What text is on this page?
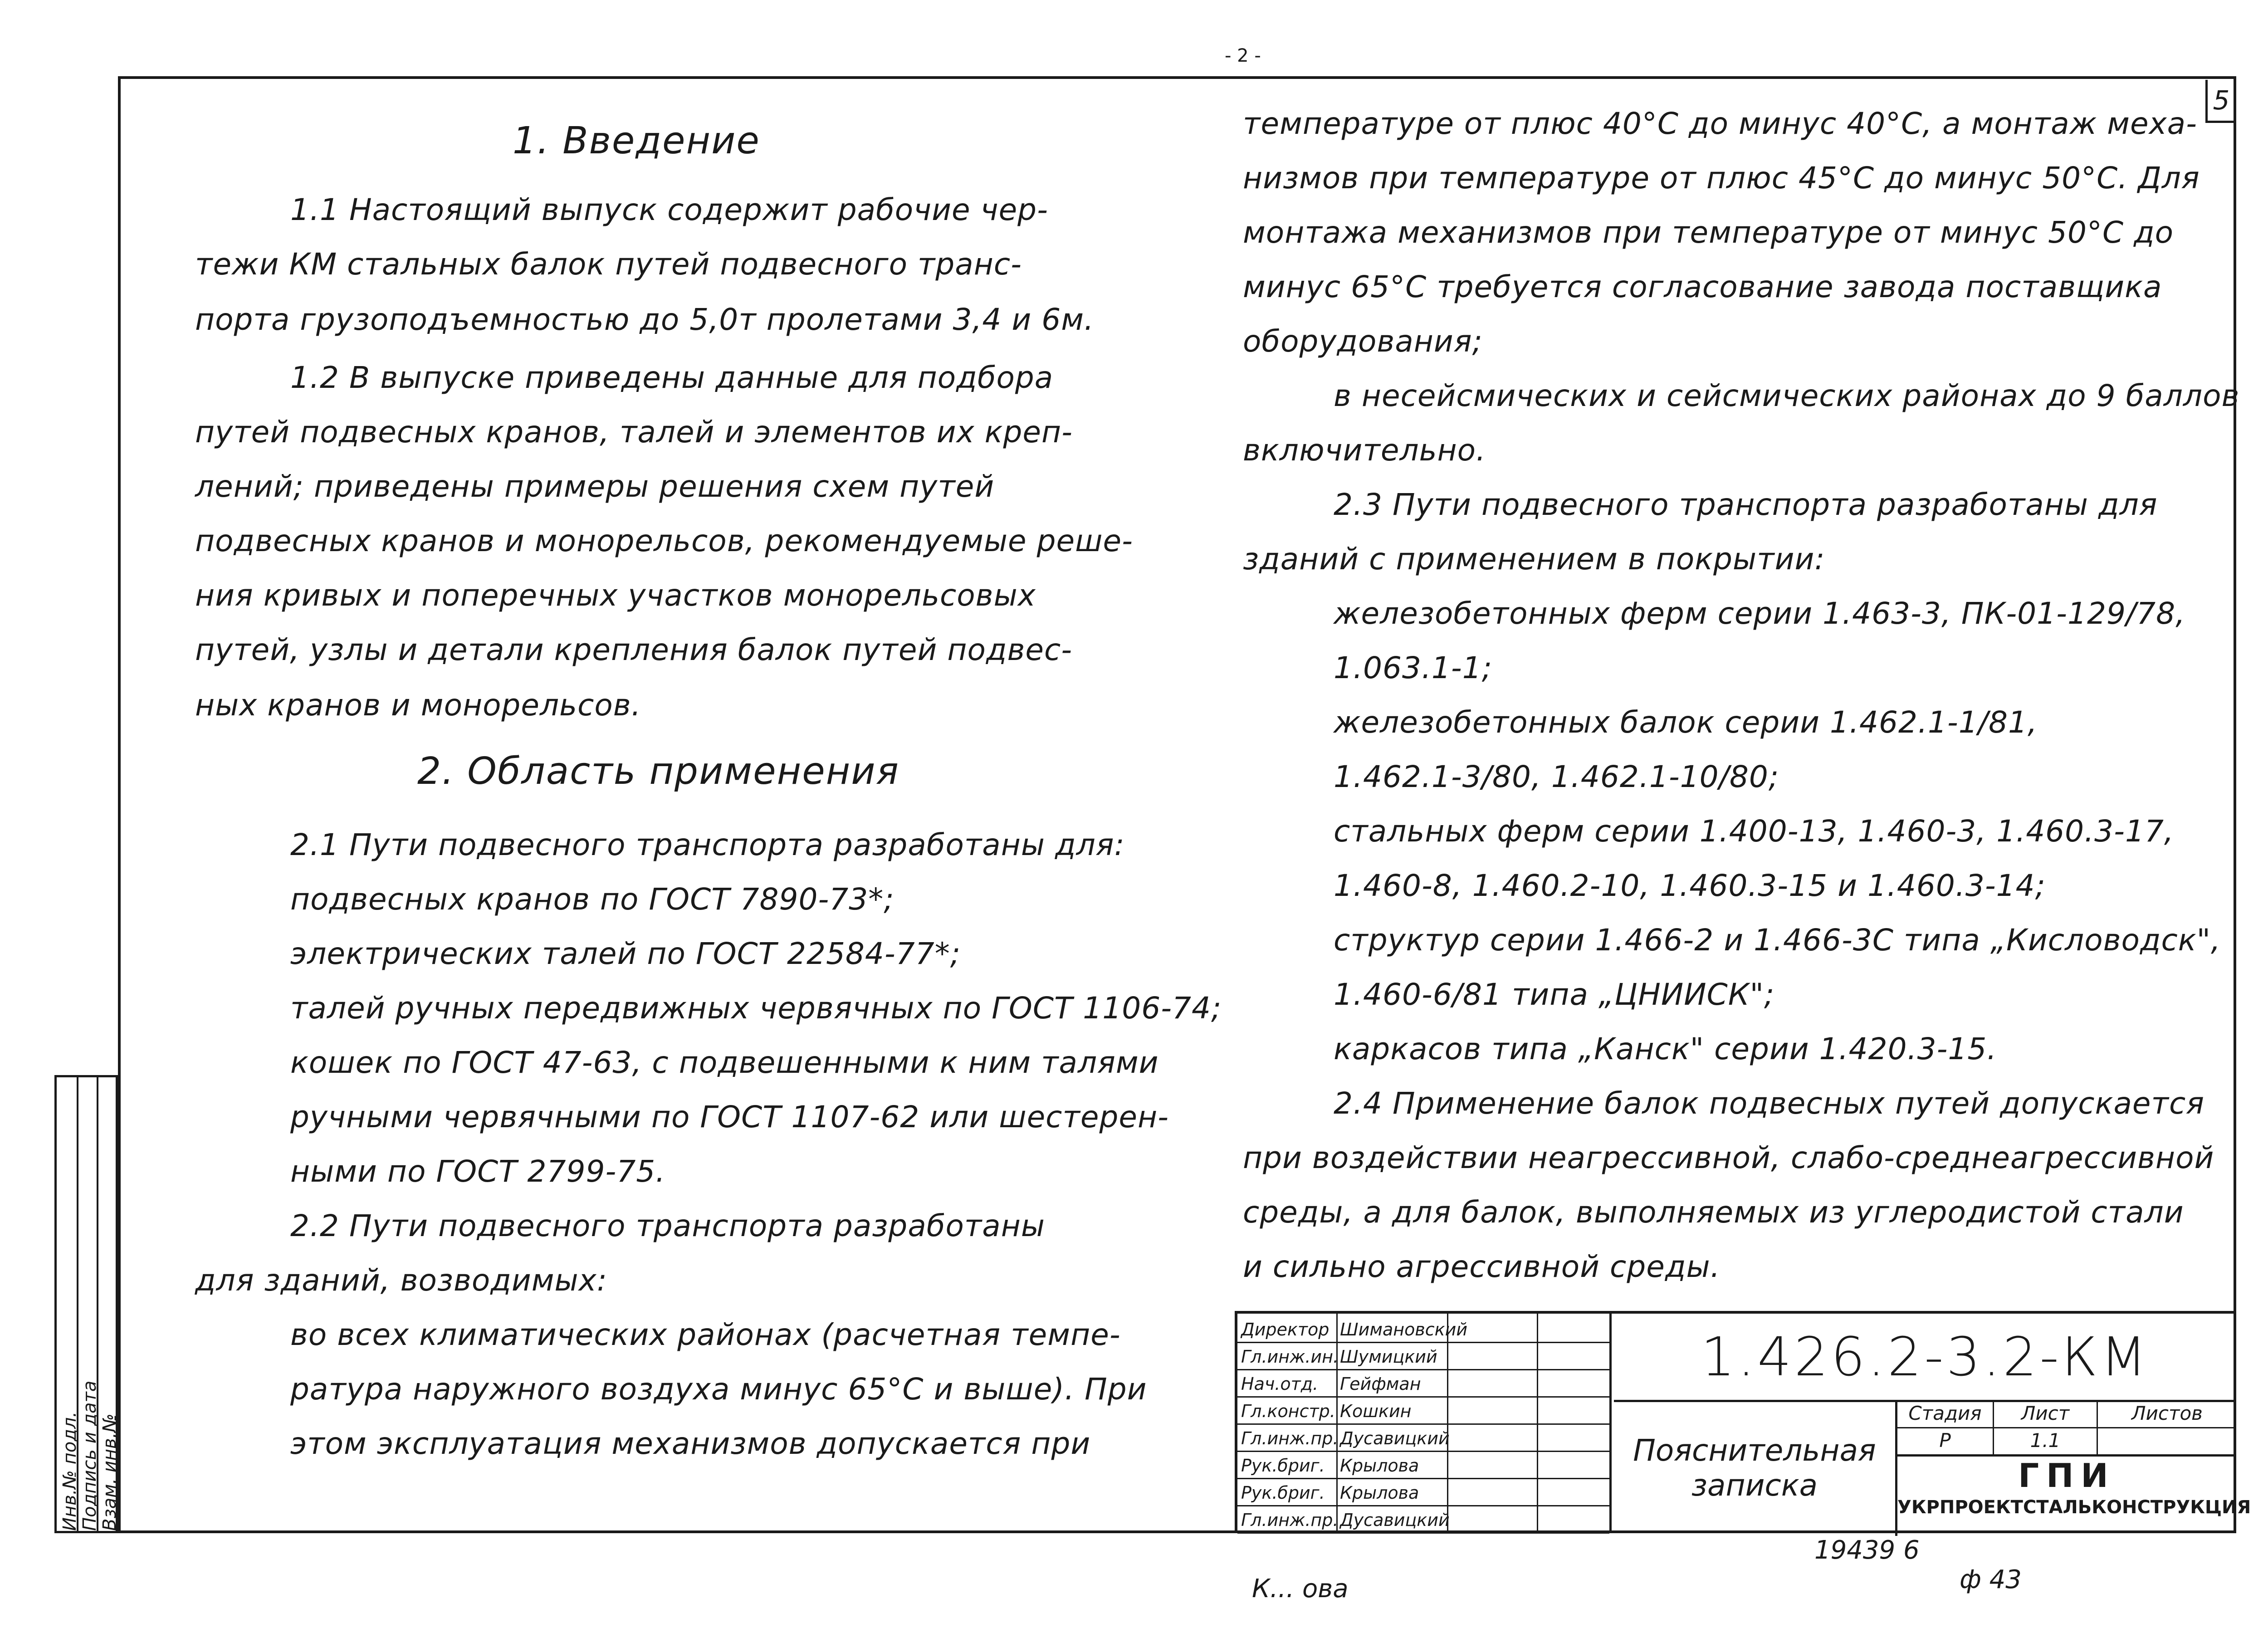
- 2 -
5
Инв.№ подл.
Подпись и дата
Взам. инв.№
1. Введение
1.1 Настоящий выпуск содержит рабочие чер-
тежи КМ стальных балок путей подвесного транс-
порта грузоподъемностью до 5,0т пролетами 3,4 и 6м.
1.2 В выпуске приведены данные для подбора
путей подвесных кранов, талей и элементов их креп-
лений; приведены примеры решения схем путей
подвесных кранов и монорельсов, рекомендуемые реше-
ния кривых и поперечных участков монорельсовых
путей, узлы и детали крепления балок путей подвес-
ных кранов и монорельсов.
2. Область применения
2.1 Пути подвесного транспорта разработаны для:
подвесных кранов по ГОСТ 7890-73*;
электрических талей по ГОСТ 22584-77*;
талей ручных передвижных червячных по ГОСТ 1106-74;
кошек по ГОСТ 47-63, с подвешенными к ним талями
ручными червячными по ГОСТ 1107-62 или шестерен-
ными по ГОСТ 2799-75.
2.2 Пути подвесного транспорта разработаны
для зданий, возводимых:
во всех климатических районах (расчетная темпе-
ратура наружного воздуха минус 65°С и выше). При
этом эксплуатация механизмов допускается при
температуре от плюс 40°С до минус 40°С, а монтаж меха-
низмов при температуре от плюс 45°С до минус 50°С. Для
монтажа механизмов при температуре от минус 50°С до
минус 65°С требуется согласование завода поставщика
оборудования;
в несейсмических и сейсмических районах до 9 баллов
включительно.
2.3 Пути подвесного транспорта разработаны для
зданий с применением в покрытии:
железобетонных ферм серии 1.463-3, ПК-01-129/78,
1.063.1-1;
железобетонных балок серии 1.462.1-1/81,
1.462.1-3/80, 1.462.1-10/80;
стальных ферм серии 1.400-13, 1.460-3, 1.460.3-17,
1.460-8, 1.460.2-10, 1.460.3-15 и 1.460.3-14;
структур серии 1.466-2 и 1.466-3С типа „Кисловодск",
1.460-6/81 типа „ЦНИИСК";
каркасов типа „Канск" серии 1.420.3-15.
2.4 Применение балок подвесных путей допускается
при воздействии неагрессивной, слабо-среднеагрессивной
среды, а для балок, выполняемых из углеродистой стали
и сильно агрессивной среды.
Директор Шимановский
Гл.инж.ин. Шумицкий
Нач.отд.	Гейфман
Гл.констр. Кошкин
Гл.инж.пр. Дусавицкий
Рук.бриг. Крылова
Рук.бриг. Крылова
Гл.инж.пр. Дусавицкий
1.426.2-3.2-КМ
Пояснительная
записка
Стадия	Лист	Листов
Р	1.1
ГПИ
УКРПРОЕКТСТАЛЬКОНСТРУКЦИЯ
19439 6
К... ова	ф 43
